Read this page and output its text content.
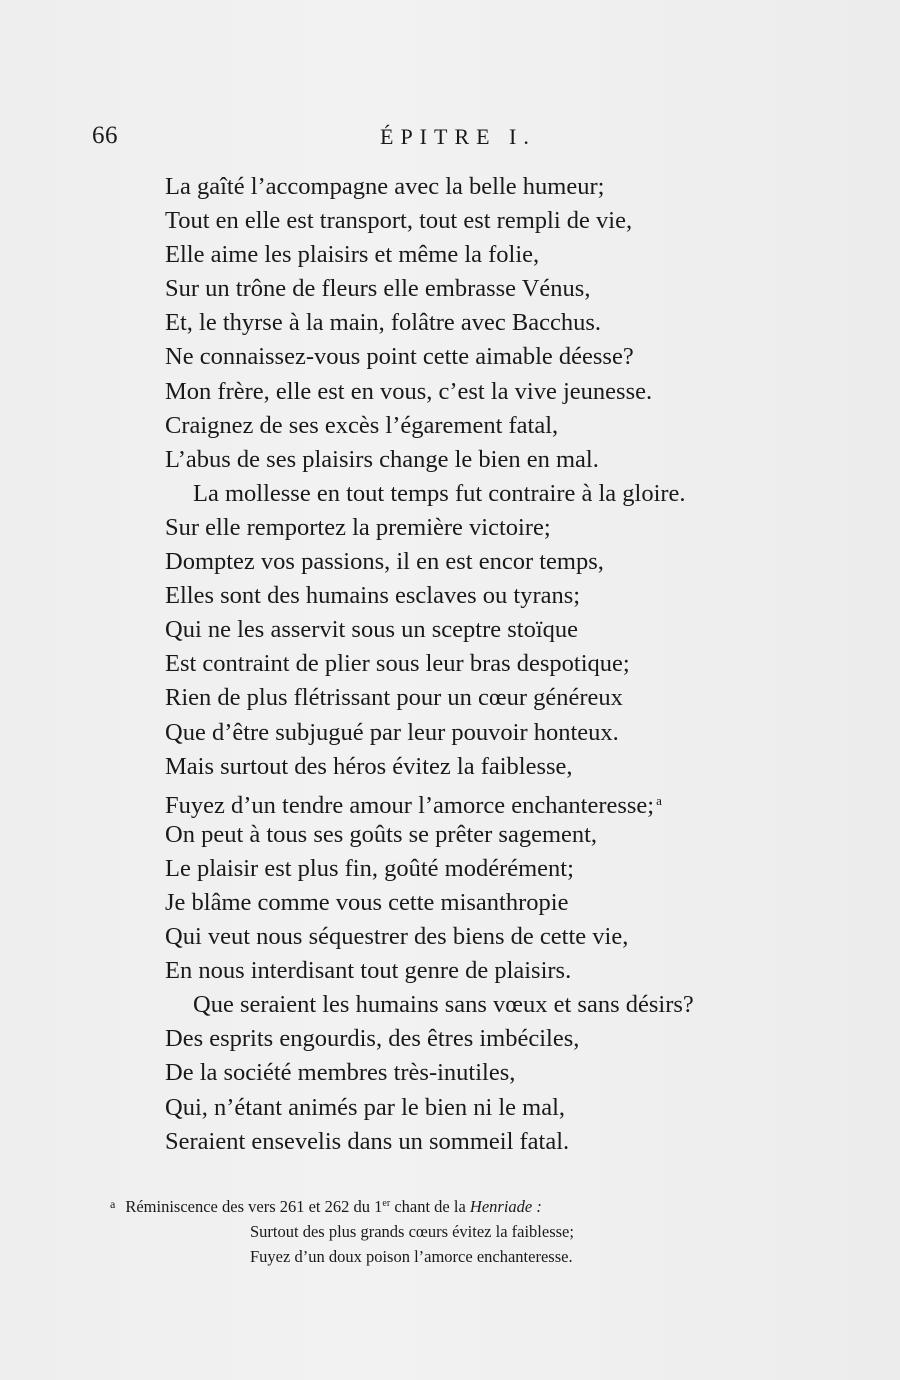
66	ÉPITRE I.
La gaîté l’accompagne avec la belle humeur;
Tout en elle est transport, tout est rempli de vie,
Elle aime les plaisirs et même la folie,
Sur un trône de fleurs elle embrasse Vénus,
Et, le thyrse à la main, folâtre avec Bacchus.
Ne connaissez-vous point cette aimable déesse?
Mon frère, elle est en vous, c’est la vive jeunesse.
Craignez de ses excès l’égarement fatal,
L’abus de ses plaisirs change le bien en mal.
La mollesse en tout temps fut contraire à la gloire.
Sur elle remportez la première victoire;
Domptez vos passions, il en est encor temps,
Elles sont des humains esclaves ou tyrans;
Qui ne les asservit sous un sceptre stoïque
Est contraint de plier sous leur bras despotique;
Rien de plus flétrissant pour un cœur généreux
Que d’être subjugué par leur pouvoir honteux.
Mais surtout des héros évitez la faiblesse,
Fuyez d’un tendre amour l’amorce enchanteresse; $^a$
On peut à tous ses goûts se prêter sagement,
Le plaisir est plus fin, goûté modérément;
Je blâme comme vous cette misanthropie
Qui veut nous séquestrer des biens de cette vie,
En nous interdisant tout genre de plaisirs.
Que seraient les humains sans vœux et sans désirs?
Des esprits engourdis, des êtres imbéciles,
De la société membres très-inutiles,
Qui, n’étant animés par le bien ni le mal,
Seraient ensevelis dans un sommeil fatal.
$^a$ Réminiscence des vers 261 et 262 du 1er chant de la Henriade :
Surtout des plus grands cœurs évitez la faiblesse;
Fuyez d’un doux poison l’amorce enchanteresse.
